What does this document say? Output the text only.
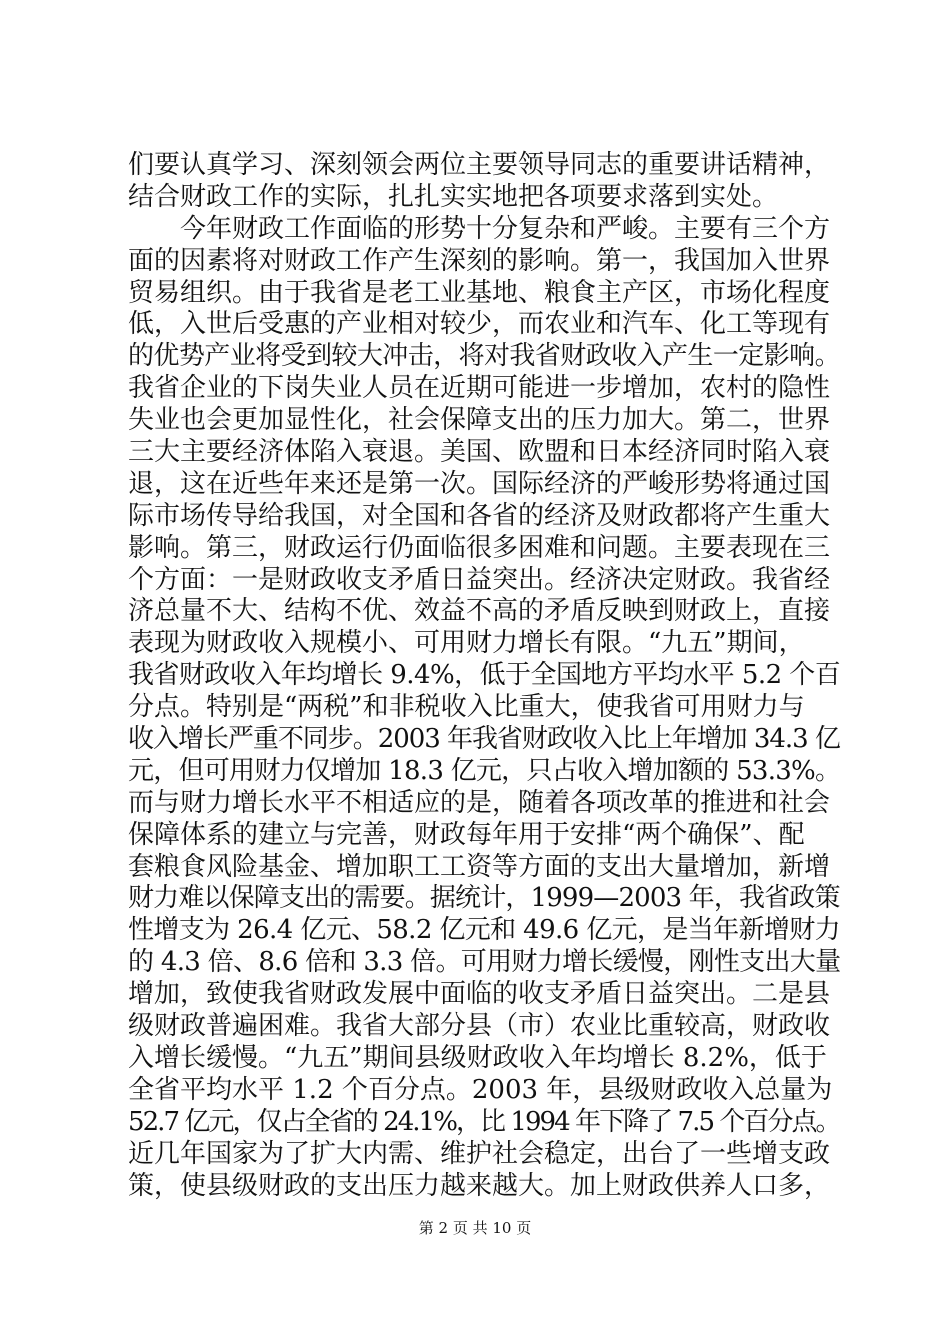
们要认真学习、深刻领会两位主要领导同志的重要讲话精神，
结合财政工作的实际，扎扎实实地把各项要求落到实处。
　　今年财政工作面临的形势十分复杂和严峻。主要有三个方
面的因素将对财政工作产生深刻的影响。第一，我国加入世界
贸易组织。由于我省是老工业基地、粮食主产区，市场化程度
低，入世后受惠的产业相对较少，而农业和汽车、化工等现有
的优势产业将受到较大冲击，将对我省财政收入产生一定影响。
我省企业的下岗失业人员在近期可能进一步增加，农村的隐性
失业也会更加显性化，社会保障支出的压力加大。第二，世界
三大主要经济体陷入衰退。美国、欧盟和日本经济同时陷入衰
退，这在近些年来还是第一次。国际经济的严峻形势将通过国
际市场传导给我国，对全国和各省的经济及财政都将产生重大
影响。第三，财政运行仍面临很多困难和问题。主要表现在三
个方面：一是财政收支矛盾日益突出。经济决定财政。我省经
济总量不大、结构不优、效益不高的矛盾反映到财政上，直接
表现为财政收入规模小、可用财力增长有限。“九五”期间，
我省财政收入年均增长 9.4%，低于全国地方平均水平 5.2 个百
分点。特别是“两税”和非税收入比重大，使我省可用财力与
收入增长严重不同步。2003 年我省财政收入比上年增加 34.3 亿
元，但可用财力仅增加 18.3 亿元，只占收入增加额的 53.3%。
而与财力增长水平不相适应的是，随着各项改革的推进和社会
保障体系的建立与完善，财政每年用于安排“两个确保”、配
套粮食风险基金、增加职工工资等方面的支出大量增加，新增
财力难以保障支出的需要。据统计，1999—2003 年，我省政策
性增支为 26.4 亿元、58.2 亿元和 49.6 亿元，是当年新增财力
的 4.3 倍、8.6 倍和 3.3 倍。可用财力增长缓慢，刚性支出大量
增加，致使我省财政发展中面临的收支矛盾日益突出。二是县
级财政普遍困难。我省大部分县（市）农业比重较高，财政收
入增长缓慢。“九五”期间县级财政收入年均增长 8.2%，低于
全省平均水平 1.2 个百分点。2003 年，县级财政收入总量为
52.7 亿元，仅占全省的 24.1%，比 1994 年下降了 7.5 个百分点。
近几年国家为了扩大内需、维护社会稳定，出台了一些增支政
策，使县级财政的支出压力越来越大。加上财政供养人口多，
第 2 页 共 10 页
